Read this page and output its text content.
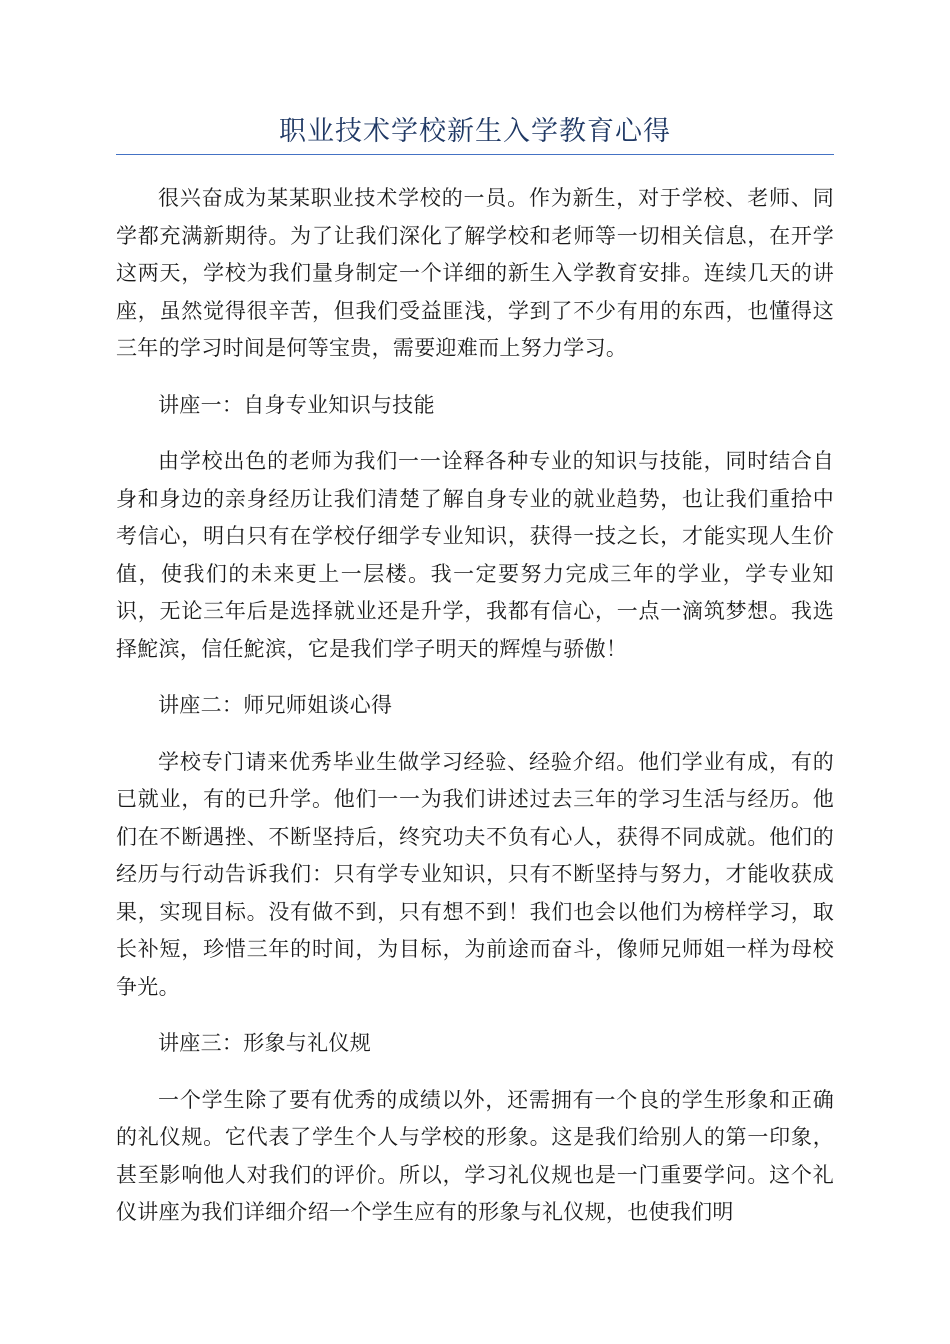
职业技术学校新生入学教育心得

很兴奋成为某某职业技术学校的一员。作为新生，对于学校、老师、同学都充满新期待。为了让我们深化了解学校和老师等一切相关信息，在开学这两天，学校为我们量身制定一个详细的新生入学教育安排。连续几天的讲座，虽然觉得很辛苦，但我们受益匪浅，学到了不少有用的东西，也懂得这三年的学习时间是何等宝贵，需要迎难而上努力学习。

讲座一：自身专业知识与技能

由学校出色的老师为我们一一诠释各种专业的知识与技能，同时结合自身和身边的亲身经历让我们清楚了解自身专业的就业趋势，也让我们重拾中考信心，明白只有在学校仔细学专业知识，获得一技之长，才能实现人生价值，使我们的未来更上一层楼。我一定要努力完成三年的学业，学专业知识，无论三年后是选择就业还是升学，我都有信心，一点一滴筑梦想。我选择鮀滨，信任鮀滨，它是我们学子明天的辉煌与骄傲！

讲座二：师兄师姐谈心得

学校专门请来优秀毕业生做学习经验、经验介绍。他们学业有成，有的已就业，有的已升学。他们一一为我们讲述过去三年的学习生活与经历。他们在不断遇挫、不断坚持后，终究功夫不负有心人，获得不同成就。他们的经历与行动告诉我们：只有学专业知识，只有不断坚持与努力，才能收获成果，实现目标。没有做不到，只有想不到！我们也会以他们为榜样学习，取长补短，珍惜三年的时间，为目标，为前途而奋斗，像师兄师姐一样为母校争光。

讲座三：形象与礼仪规

一个学生除了要有优秀的成绩以外，还需拥有一个良的学生形象和正确的礼仪规。它代表了学生个人与学校的形象。这是我们给别人的第一印象，甚至影响他人对我们的评价。所以，学习礼仪规也是一门重要学问。这个礼仪讲座为我们详细介绍一个学生应有的形象与礼仪规，也使我们明
